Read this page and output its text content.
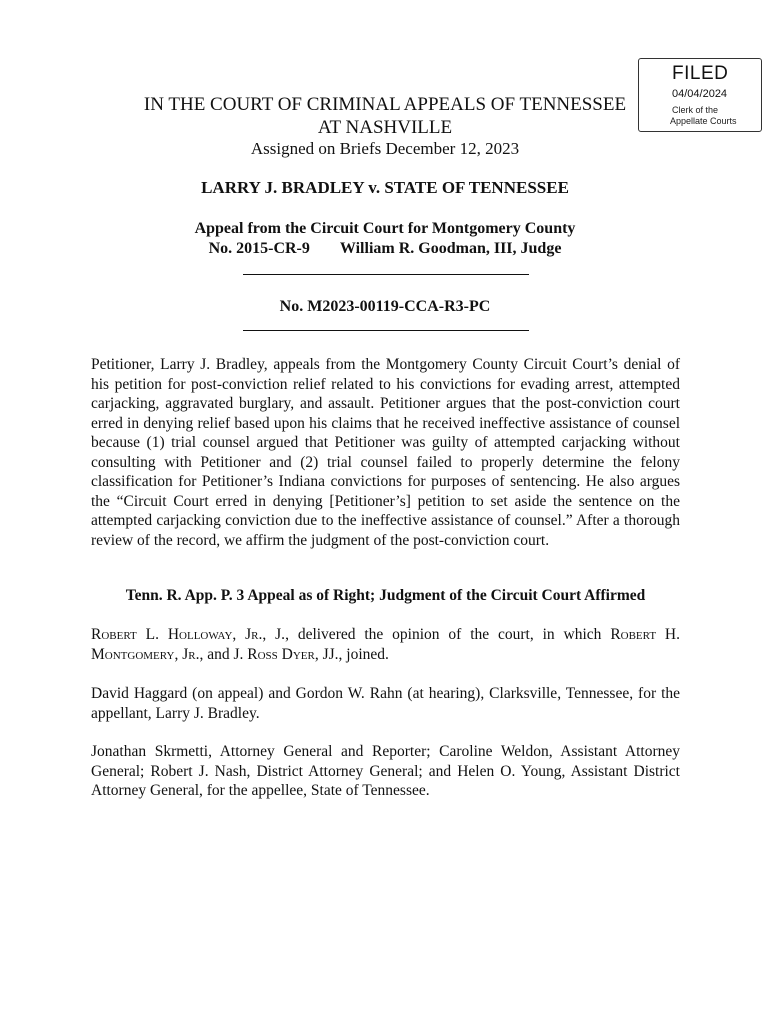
FILED
04/04/2024
Clerk of the
Appellate Courts
IN THE COURT OF CRIMINAL APPEALS OF TENNESSEE
AT NASHVILLE
Assigned on Briefs December 12, 2023
LARRY J. BRADLEY v. STATE OF TENNESSEE
Appeal from the Circuit Court for Montgomery County
No. 2015-CR-9 William R. Goodman, III, Judge
No. M2023-00119-CCA-R3-PC
Petitioner, Larry J. Bradley, appeals from the Montgomery County Circuit Court’s denial of his petition for post-conviction relief related to his convictions for evading arrest, attempted carjacking, aggravated burglary, and assault. Petitioner argues that the post-conviction court erred in denying relief based upon his claims that he received ineffective assistance of counsel because (1) trial counsel argued that Petitioner was guilty of attempted carjacking without consulting with Petitioner and (2) trial counsel failed to properly determine the felony classification for Petitioner’s Indiana convictions for purposes of sentencing. He also argues the “Circuit Court erred in denying [Petitioner’s] petition to set aside the sentence on the attempted carjacking conviction due to the ineffective assistance of counsel.” After a thorough review of the record, we affirm the judgment of the post-conviction court.
Tenn. R. App. P. 3 Appeal as of Right; Judgment of the Circuit Court Affirmed
Robert L. Holloway, Jr., J., delivered the opinion of the court, in which Robert H. Montgomery, Jr., and J. Ross Dyer, JJ., joined.
David Haggard (on appeal) and Gordon W. Rahn (at hearing), Clarksville, Tennessee, for the appellant, Larry J. Bradley.
Jonathan Skrmetti, Attorney General and Reporter; Caroline Weldon, Assistant Attorney General; Robert J. Nash, District Attorney General; and Helen O. Young, Assistant District Attorney General, for the appellee, State of Tennessee.
